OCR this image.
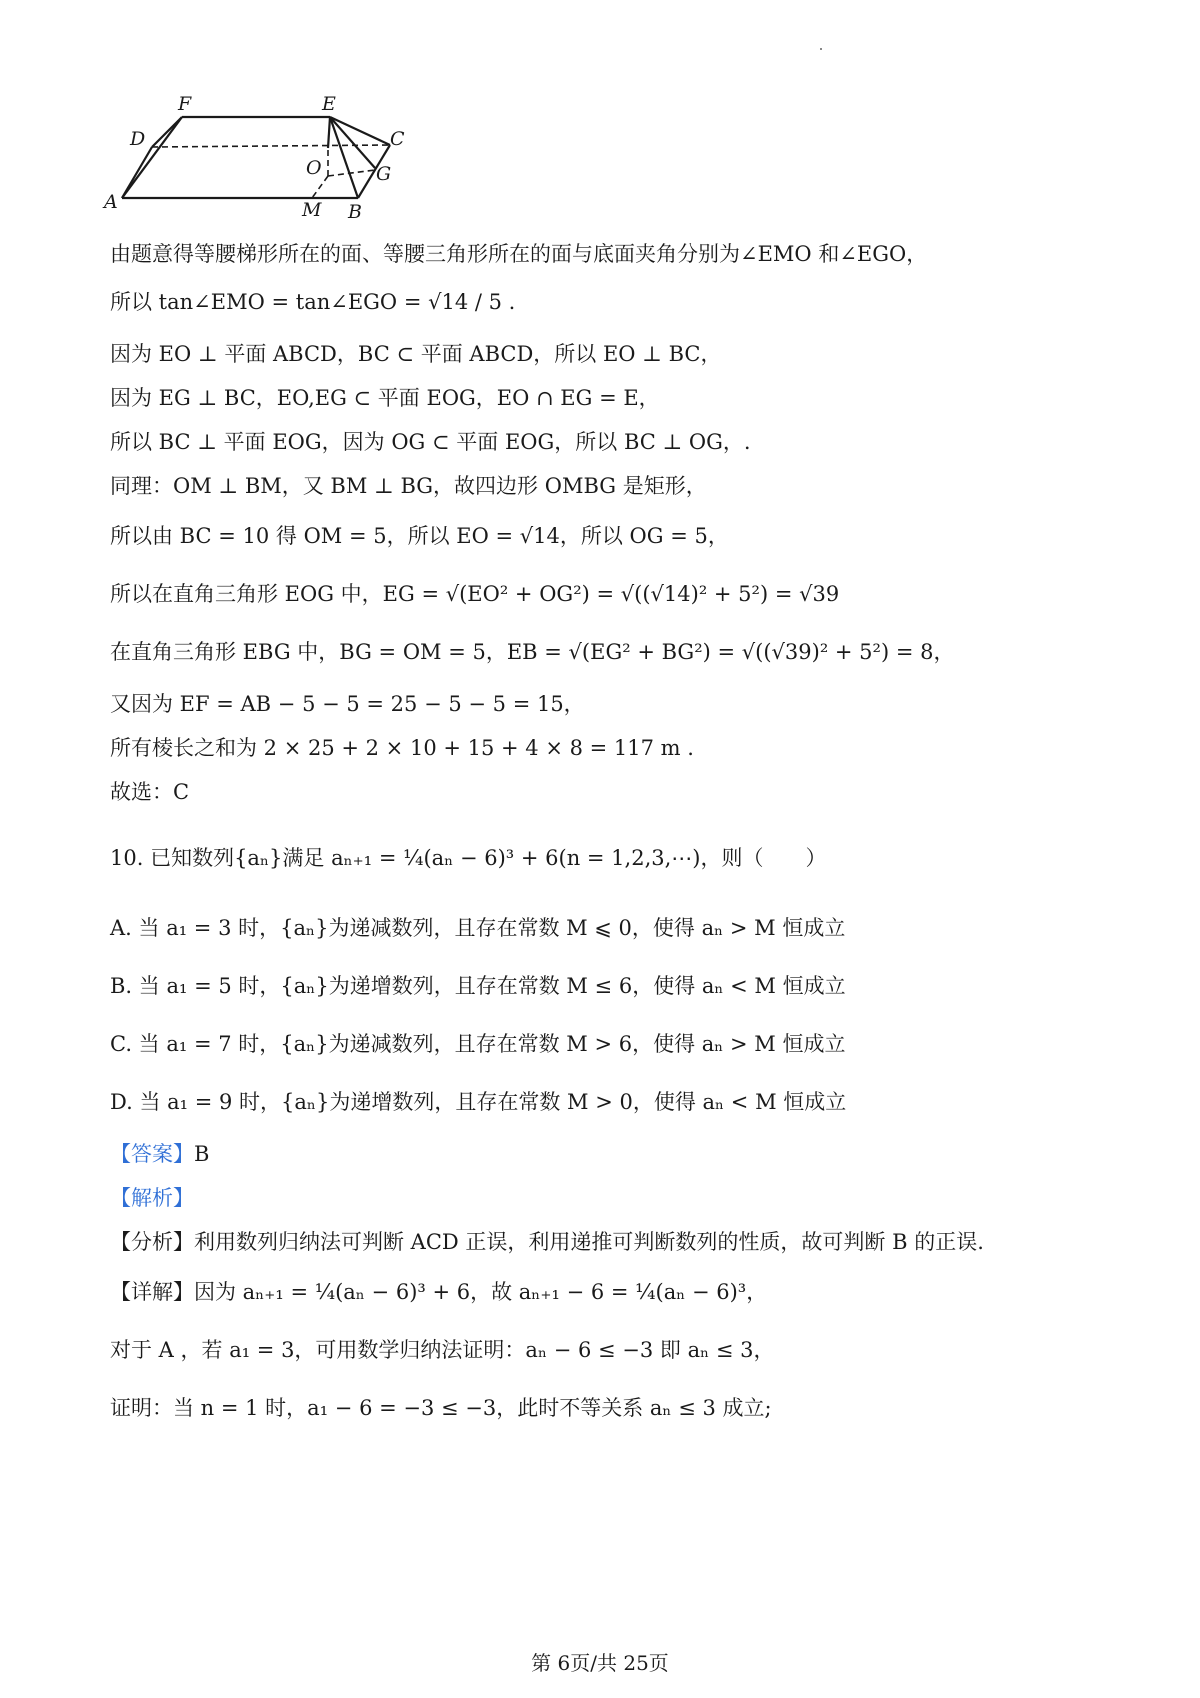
F	E
D	C
O	G
A	M B
由题意得等腰梯形所在的面、等腰三角形所在的面与底面夹角分别为∠EMO 和∠EGO，
所以 tan∠EMO = tan∠EGO = √14 / 5 .
因为 EO ⊥ 平面 ABCD，BC ⊂ 平面 ABCD，所以 EO ⊥ BC，
因为 EG ⊥ BC，EO,EG ⊂ 平面 EOG，EO ∩ EG = E，
所以 BC ⊥ 平面 EOG，因为 OG ⊂ 平面 EOG，所以 BC ⊥ OG，.
同理：OM ⊥ BM，又 BM ⊥ BG，故四边形 OMBG 是矩形，
所以由 BC = 10 得 OM = 5，所以 EO = √14，所以 OG = 5，
所以在直角三角形 EOG 中，EG = √(EO² + OG²) = √((√14)² + 5²) = √39
在直角三角形 EBG 中，BG = OM = 5，EB = √(EG² + BG²) = √((√39)² + 5²) = 8，
又因为 EF = AB − 5 − 5 = 25 − 5 − 5 = 15，
所有棱长之和为 2 × 25 + 2 × 10 + 15 + 4 × 8 = 117 m .
故选：C
10. 已知数列{aₙ}满足 aₙ₊₁ = ¼(aₙ − 6)³ + 6(n = 1,2,3,⋯)，则（　　）
A. 当 a₁ = 3 时，{aₙ}为递减数列，且存在常数 M ⩽ 0，使得 aₙ > M 恒成立
B. 当 a₁ = 5 时，{aₙ}为递增数列，且存在常数 M ≤ 6，使得 aₙ < M 恒成立
C. 当 a₁ = 7 时，{aₙ}为递减数列，且存在常数 M > 6，使得 aₙ > M 恒成立
D. 当 a₁ = 9 时，{aₙ}为递增数列，且存在常数 M > 0，使得 aₙ < M 恒成立
【答案】B
【解析】
【分析】利用数列归纳法可判断 ACD 正误，利用递推可判断数列的性质，故可判断 B 的正误.
【详解】因为 aₙ₊₁ = ¼(aₙ − 6)³ + 6，故 aₙ₊₁ − 6 = ¼(aₙ − 6)³，
对于 A ，若 a₁ = 3，可用数学归纳法证明：aₙ − 6 ≤ −3 即 aₙ ≤ 3，
证明：当 n = 1 时，a₁ − 6 = −3 ≤ −3，此时不等关系 aₙ ≤ 3 成立;
第 6页/共 25页
